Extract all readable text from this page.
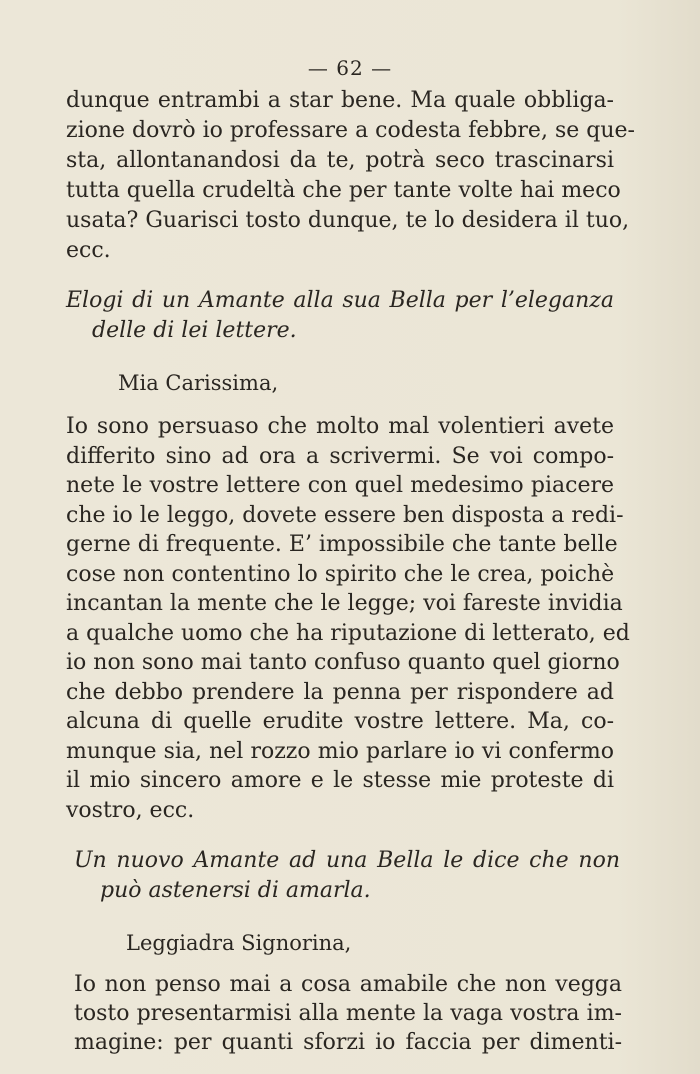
— 62 —
dunque entrambi a star bene. Ma quale obbliga-
zione dovrò io professare a codesta febbre, se que-
sta, allontanandosi da te, potrà seco trascinarsi
tutta quella crudeltà che per tante volte hai meco
usata? Guarisci tosto dunque, te lo desidera il tuo,
ecc.
Elogi di un Amante alla sua Bella per l’eleganza
delle di lei lettere.
Mia Carissima,
Io sono persuaso che molto mal volentieri avete
differito sino ad ora a scrivermi. Se voi compo-
nete le vostre lettere con quel medesimo piacere
che io le leggo, dovete essere ben disposta a redi-
gerne di frequente. E’ impossibile che tante belle
cose non contentino lo spirito che le crea, poichè
incantan la mente che le legge; voi fareste invidia
a qualche uomo che ha riputazione di letterato, ed
io non sono mai tanto confuso quanto quel giorno
che debbo prendere la penna per rispondere ad
alcuna di quelle erudite vostre lettere. Ma, co-
munque sia, nel rozzo mio parlare io vi confermo
il mio sincero amore e le stesse mie proteste di
vostro, ecc.
Un nuovo Amante ad una Bella le dice che non
può astenersi di amarla.
Leggiadra Signorina,
Io non penso mai a cosa amabile che non vegga
tosto presentarmisi alla mente la vaga vostra im-
magine: per quanti sforzi io faccia per dimenti-
